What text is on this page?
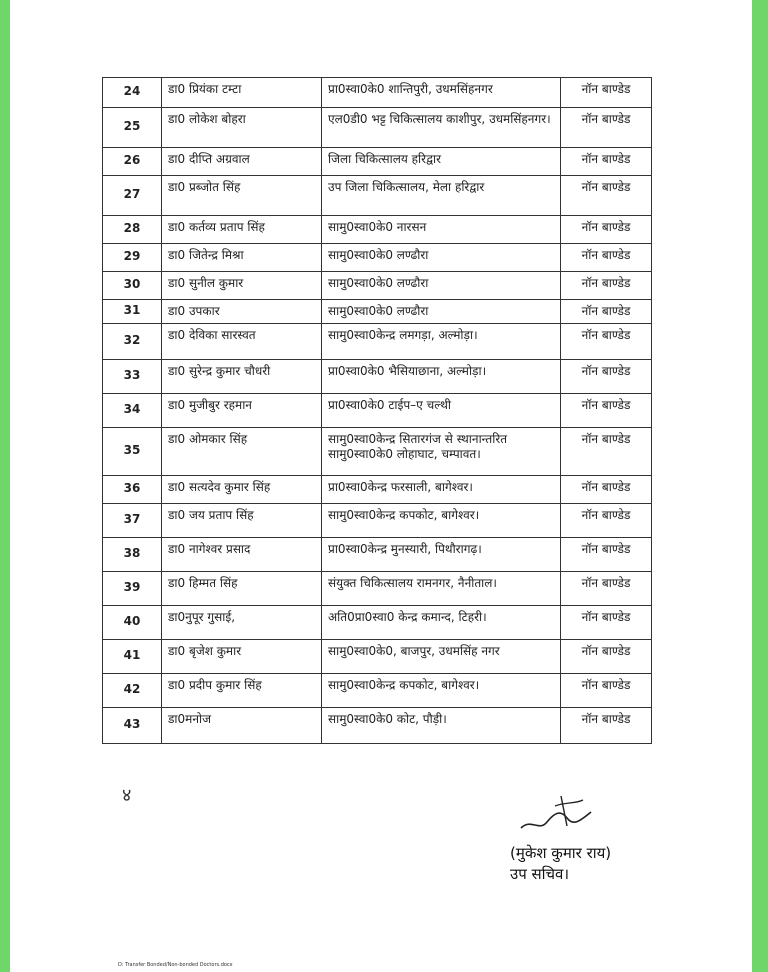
24	डा0 प्रियंका टम्टा	प्रा0स्वा0के0 शान्तिपुरी, उधमसिंहनगर	नॉन बाण्डेड
25	डा0 लोकेश बोहरा	एल0डी0 भट्ट चिकित्सालय काशीपुर, उधमसिंहनगर।	नॉन बाण्डेड
26	डा0 दीप्ति अग्रवाल	जिला चिकित्सालय हरिद्वार	नॉन बाण्डेड
27	डा0 प्रब्जोत सिंह	उप जिला चिकित्सालय, मेला हरिद्वार	नॉन बाण्डेड
28	डा0 कर्तव्य प्रताप सिंह	सामु0स्वा0के0 नारसन	नॉन बाण्डेड
29	डा0 जितेन्द्र मिश्रा	सामु0स्वा0के0 लण्ढौरा	नॉन बाण्डेड
30	डा0 सुनील कुमार	सामु0स्वा0के0 लण्ढौरा	नॉन बाण्डेड
31	डा0 उपकार	सामु0स्वा0के0 लण्ढौरा	नॉन बाण्डेड
32	डा0 देविका सारस्वत	सामु0स्वा0केन्द्र लमगड़ा, अल्मोड़ा।	नॉन बाण्डेड
33	डा0 सुरेन्द्र कुमार चौधरी	प्रा0स्वा0के0 भैसियाछाना, अल्मोड़ा।	नॉन बाण्डेड
34	डा0 मुजीबुर रहमान	प्रा0स्वा0के0 टाईप–ए चल्थी	नॉन बाण्डेड
35	डा0 ओमकार सिंह	सामु0स्वा0केन्द्र सितारगंज से स्थानान्तरित सामु0स्वा0के0 लोहाघाट, चम्पावत।	नॉन बाण्डेड
36	डा0 सत्यदेव कुमार सिंह	प्रा0स्वा0केन्द्र फरसाली, बागेश्वर।	नॉन बाण्डेड
37	डा0 जय प्रताप सिंह	सामु0स्वा0केन्द्र कपकोट, बागेश्वर।	नॉन बाण्डेड
38	डा0 नागेश्वर प्रसाद	प्रा0स्वा0केन्द्र मुनस्यारी, पिथौरागढ़।	नॉन बाण्डेड
39	डा0 हिम्मत सिंह	संयुक्त चिकित्सालय रामनगर, नैनीताल।	नॉन बाण्डेड
40	डा0नुपूर गुसाई,	अति0प्रा0स्वा0 केन्द्र कमान्द, टिहरी।	नॉन बाण्डेड
41	डा0 बृजेश कुमार	सामु0स्वा0के0, बाजपुर, उधमसिंह नगर	नॉन बाण्डेड
42	डा0 प्रदीप कुमार सिंह	सामु0स्वा0केन्द्र कपकोट, बागेश्वर।	नॉन बाण्डेड
43	डा0मनोज	सामु0स्वा0के0 कोट, पौड़ी।	नॉन बाण्डेड
४
(मुकेश कुमार राय)
उप सचिव।
D: Transfer Bonded/Non-bonded Doctors.docx
